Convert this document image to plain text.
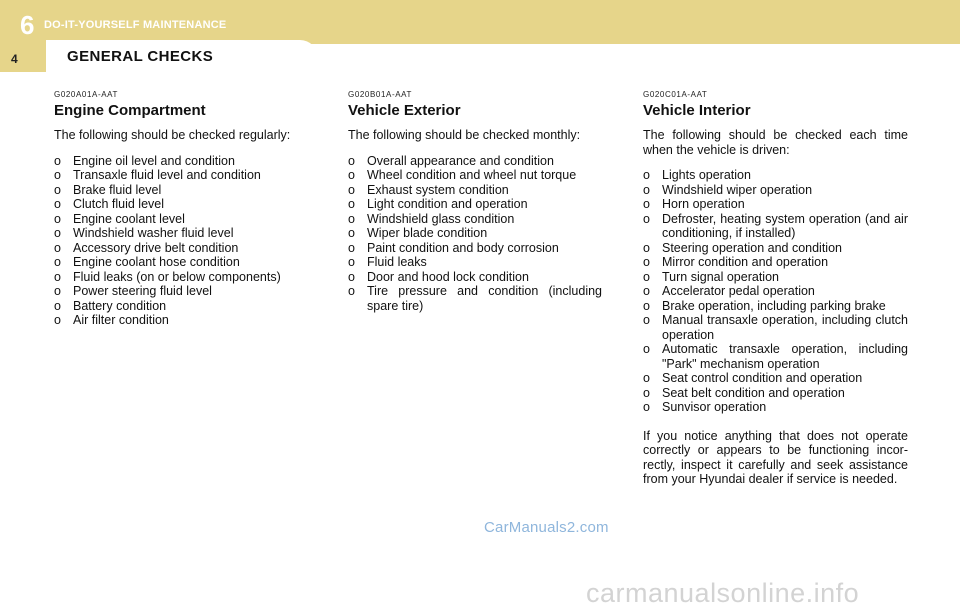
6 DO-IT-YOURSELF MAINTENANCE
4	GENERAL CHECKS
G020A01A-AAT
Engine Compartment
The following should be checked regularly:
o Engine oil level and condition
o Transaxle fluid level and condition
o Brake fluid level
o Clutch fluid level
o Engine coolant level
o Windshield washer fluid level
o Accessory drive belt condition
o Engine coolant hose condition
o Fluid leaks (on or below components)
o Power steering fluid level
o Battery condition
o Air filter condition
G020B01A-AAT
Vehicle Exterior
The following should be checked monthly:
o Overall appearance and condition
o Wheel condition and wheel nut torque
o Exhaust system condition
o Light condition and operation
o Windshield glass condition
o Wiper blade condition
o Paint condition and body corrosion
o Fluid leaks
o Door and hood lock condition
o Tire pressure and condition (including spare tire)
G020C01A-AAT
Vehicle Interior
The following should be checked each time when the vehicle is driven:
o Lights operation
o Windshield wiper operation
o Horn operation
o Defroster, heating system operation (and air conditioning, if installed)
o Steering operation and condition
o Mirror condition and operation
o Turn signal operation
o Accelerator pedal operation
o Brake operation, including parking brake
o Manual transaxle operation, including clutch operation
o Automatic transaxle operation, including "Park" mechanism operation
o Seat control condition and operation
o Seat belt condition and operation
o Sunvisor operation
If you notice anything that does not operate correctly or appears to be functioning incor-rectly, inspect it carefully and seek assistance from your Hyundai dealer if service is needed.
CarManuals2.com
carmanualsonline.info
